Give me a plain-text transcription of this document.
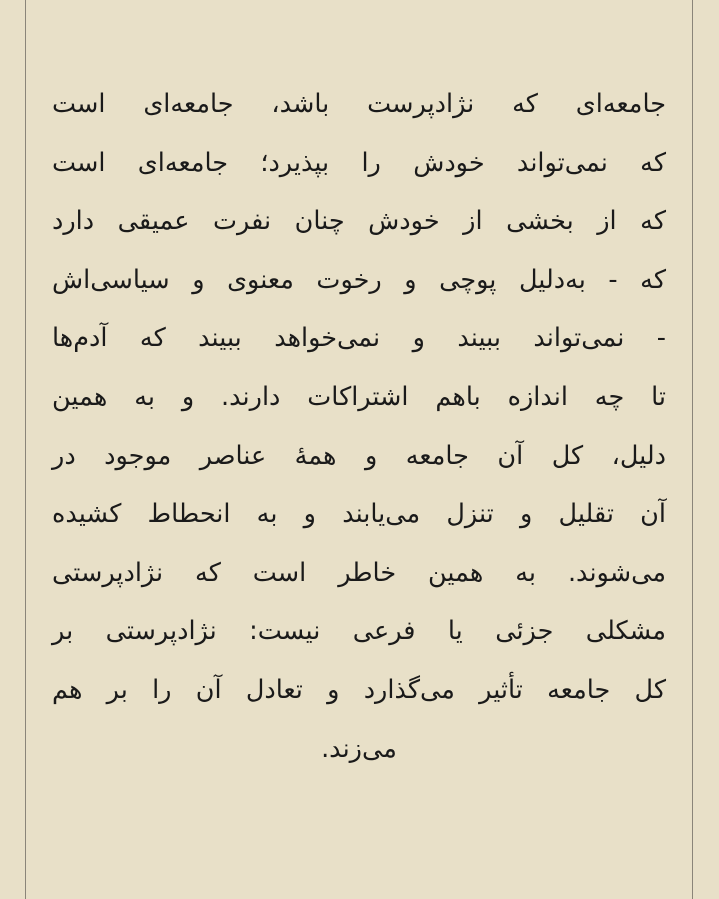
جامعه‌ای که نژادپرست باشد، جامعه‌ای است
که نمی‌تواند خودش را بپذیرد؛ جامعه‌ای است
که از بخشی از خودش چنان نفرت عمیقی دارد
که - به‌دلیل پوچی و رخوت معنوی و سیاسی‌اش
- نمی‌تواند ببیند و نمی‌خواهد ببیند که آدم‌ها
تا چه اندازه باهم اشتراکات دارند. و به همین
دلیل، کل آن جامعه و همهٔ عناصر موجود در
آن تقلیل و تنزل می‌یابند و به انحطاط کشیده
می‌شوند. به همین خاطر است که نژادپرستی
مشکلی جزئی یا فرعی نیست: نژادپرستی بر
کل جامعه تأثیر می‌گذارد و تعادل آن را بر هم
می‌زند.
